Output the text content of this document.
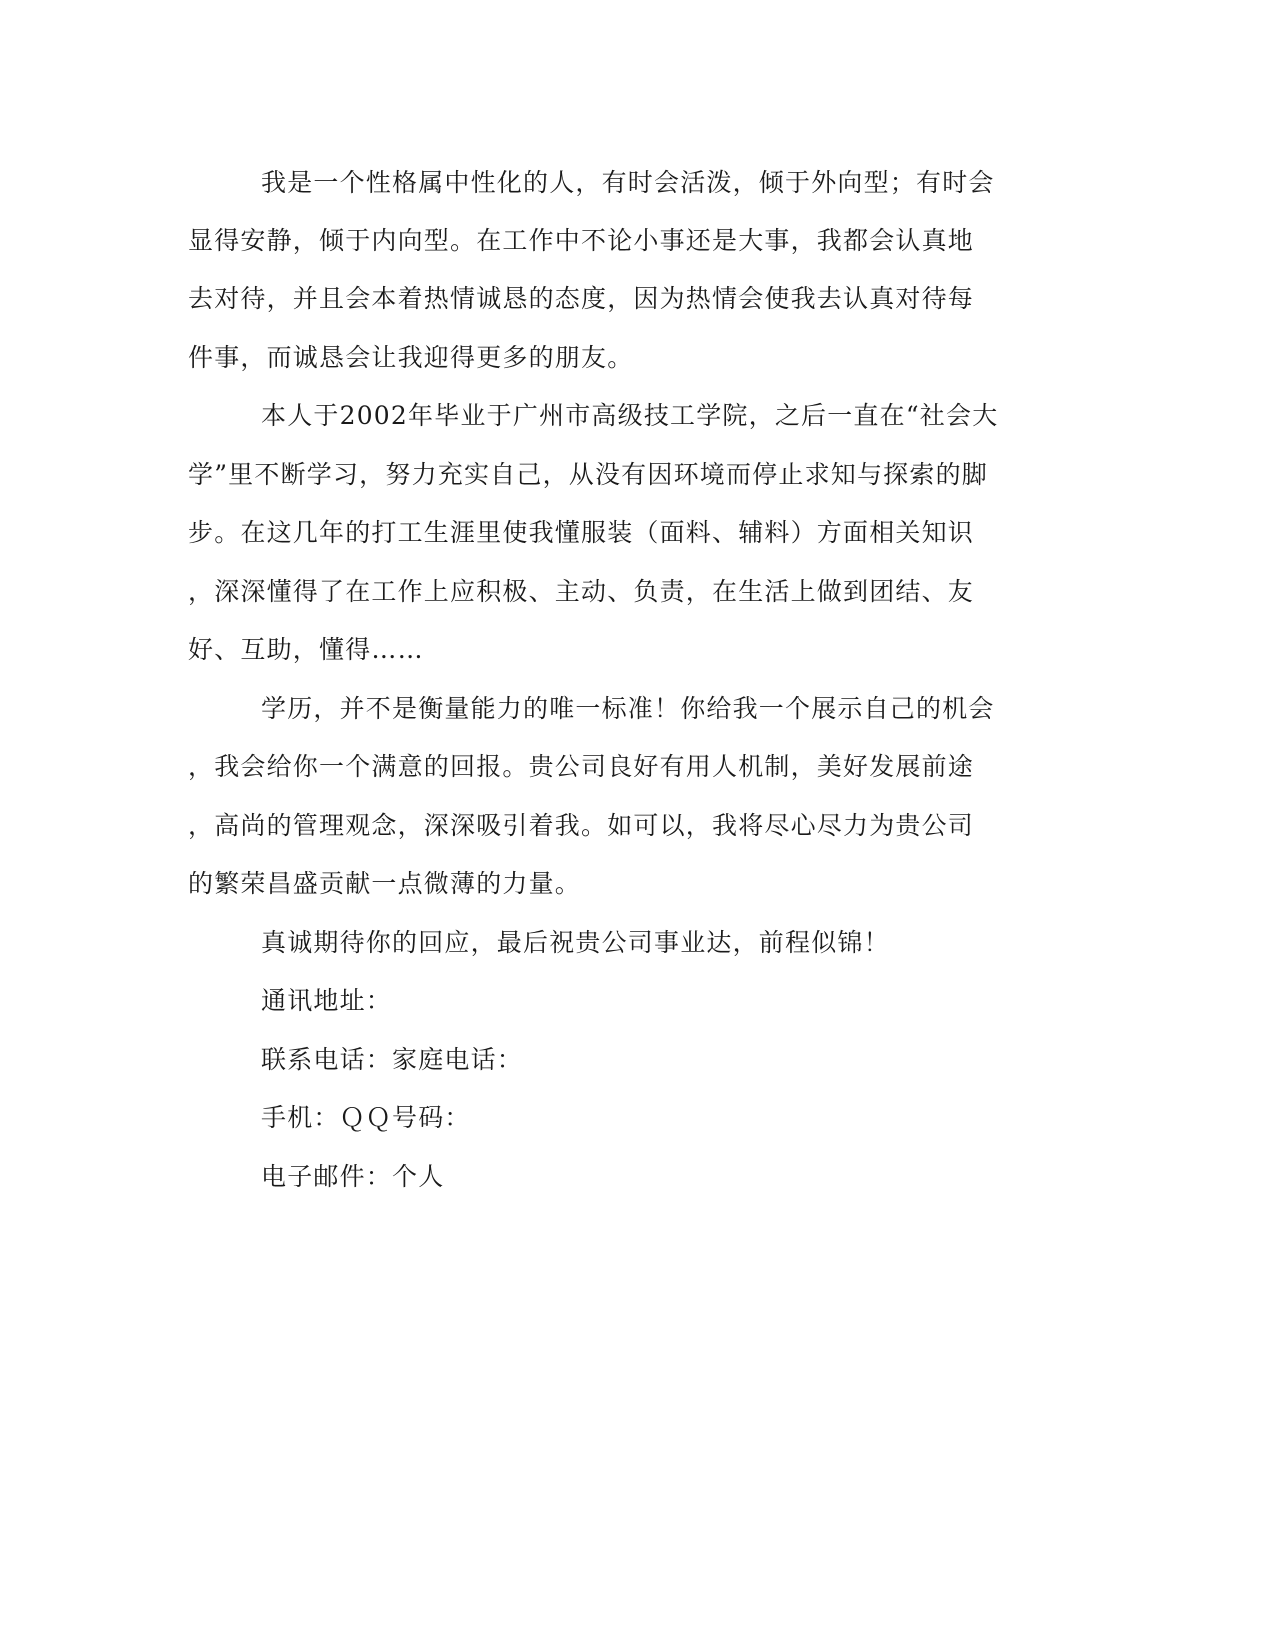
我是一个性格属中性化的人，有时会活泼，倾于外向型；有时会

显得安静，倾于内向型。在工作中不论小事还是大事，我都会认真地

去对待，并且会本着热情诚恳的态度，因为热情会使我去认真对待每

件事，而诚恳会让我迎得更多的朋友。

本人于2002年毕业于广州市高级技工学院，之后一直在“社会大

学”里不断学习，努力充实自己，从没有因环境而停止求知与探索的脚

步。在这几年的打工生涯里使我懂服装（面料、辅料）方面相关知识

，深深懂得了在工作上应积极、主动、负责，在生活上做到团结、友

好、互助，懂得……

学历，并不是衡量能力的唯一标准！你给我一个展示自己的机会

，我会给你一个满意的回报。贵公司良好有用人机制，美好发展前途

，高尚的管理观念，深深吸引着我。如可以，我将尽心尽力为贵公司

的繁荣昌盛贡献一点微薄的力量。

真诚期待你的回应，最后祝贵公司事业达，前程似锦！

通讯地址：

联系电话：家庭电话：

手机：ＱＱ号码：

电子邮件：个人
